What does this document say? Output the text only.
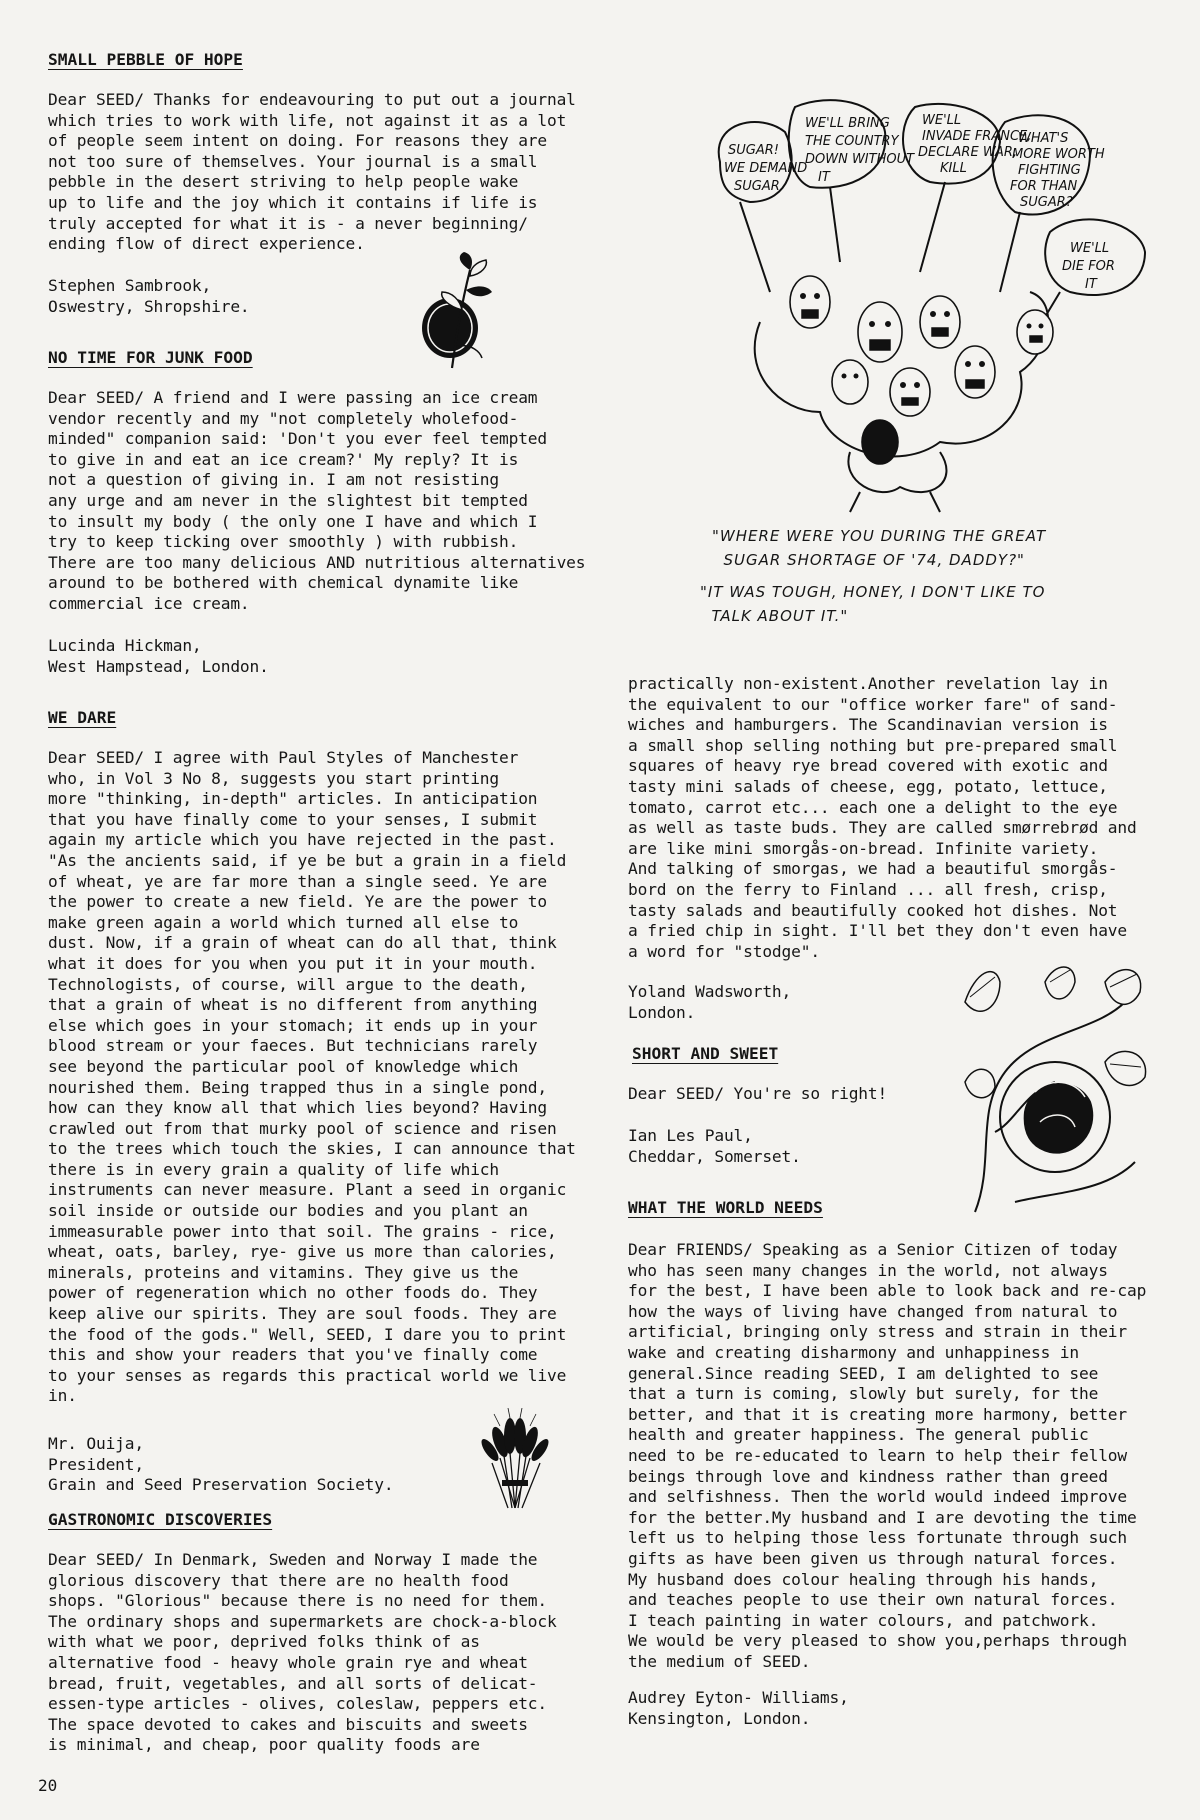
SMALL PEBBLE OF HOPE

Dear SEED/ Thanks for endeavouring to put out a journal
which tries to work with life, not against it as a lot
of people seem intent on doing. For reasons they are
not too sure of themselves. Your journal is a small
pebble in the desert striving to help people wake
up to life and the joy which it contains if life is
truly accepted for what it is - a never beginning/
ending flow of direct experience.

Stephen Sambrook,
Oswestry, Shropshire.

NO TIME FOR JUNK FOOD

Dear SEED/ A friend and I were passing an ice cream
vendor recently and my "not completely wholefood-
minded" companion said: 'Don't you ever feel tempted
to give in and eat an ice cream?' My reply? It is
not a question of giving in. I am not resisting
any urge and am never in the slightest bit tempted
to insult my body ( the only one I have and which I
try to keep ticking over smoothly ) with rubbish.
There are too many delicious AND nutritious alternatives
around to be bothered with chemical dynamite like
commercial ice cream.

Lucinda Hickman,
West Hampstead, London.

WE DARE

Dear SEED/ I agree with Paul Styles of Manchester
who, in Vol 3 No 8, suggests you start printing
more "thinking, in-depth" articles. In anticipation
that you have finally come to your senses, I submit
again my article which you have rejected in the past.
"As the ancients said, if ye be but a grain in a field
of wheat, ye are far more than a single seed. Ye are
the power to create a new field. Ye are the power to
make green again a world which turned all else to
dust. Now, if a grain of wheat can do all that, think
what it does for you when you put it in your mouth.
Technologists, of course, will argue to the death,
that a grain of wheat is no different from anything
else which goes in your stomach; it ends up in your
blood stream or your faeces. But technicians rarely
see beyond the particular pool of knowledge which
nourished them. Being trapped thus in a single pond,
how can they know all that which lies beyond? Having
crawled out from that murky pool of science and risen
to the trees which touch the skies, I can announce that
there is in every grain a quality of life which
instruments can never measure. Plant a seed in organic
soil inside or outside our bodies and you plant an
immeasurable power into that soil. The grains - rice,
wheat, oats, barley, rye- give us more than calories,
minerals, proteins and vitamins. They give us the
power of regeneration which no other foods do. They
keep alive our spirits. They are soul foods. They are
the food of the gods." Well, SEED, I dare you to print
this and show your readers that you've finally come
to your senses as regards this practical world we live
in.

Mr. Ouija,
President,
Grain and Seed Preservation Society.

GASTRONOMIC DISCOVERIES

Dear SEED/ In Denmark, Sweden and Norway I made the
glorious discovery that there are no health food
shops. "Glorious" because there is no need for them.
The ordinary shops and supermarkets are chock-a-block
with what we poor, deprived folks think of as
alternative food - heavy whole grain rye and wheat
bread, fruit, vegetables, and all sorts of delicat-
essen-type articles - olives, coleslaw, peppers etc.
The space devoted to cakes and biscuits and sweets
is minimal, and cheap, poor quality foods are

SUGAR!
WE DEMAND
SUGAR.
WE'LL BRING
THE COUNTRY
DOWN WITHOUT
IT
WE'LL
INVADE FRANCE,
DECLARE WAR,
KILL
WHAT'S
MORE WORTH
FIGHTING
FOR THAN
SUGAR?
WE'LL
DIE FOR
IT
"WHERE WERE YOU DURING THE GREAT
SUGAR SHORTAGE OF '74, DADDY?"
"IT WAS TOUGH, HONEY, I DON'T LIKE TO
TALK ABOUT IT."

practically non-existent.Another revelation lay in
the equivalent to our "office worker fare" of sand-
wiches and hamburgers. The Scandinavian version is
a small shop selling nothing but pre-prepared small
squares of heavy rye bread covered with exotic and
tasty mini salads of cheese, egg, potato, lettuce,
tomato, carrot etc... each one a delight to the eye
as well as taste buds. They are called smørrebrød and
are like mini smorgås-on-bread. Infinite variety.
And talking of smorgas, we had a beautiful smorgås-
bord on the ferry to Finland ... all fresh, crisp,
tasty salads and beautifully cooked hot dishes. Not
a fried chip in sight. I'll bet they don't even have
a word for "stodge".

Yoland Wadsworth,
London.

SHORT AND SWEET

Dear SEED/ You're so right!

Ian Les Paul,
Cheddar, Somerset.

WHAT THE WORLD NEEDS

Dear FRIENDS/ Speaking as a Senior Citizen of today
who has seen many changes in the world, not always
for the best, I have been able to look back and re-cap
how the ways of living have changed from natural to
artificial, bringing only stress and strain in their
wake and creating disharmony and unhappiness in
general.Since reading SEED, I am delighted to see
that a turn is coming, slowly but surely, for the
better, and that it is creating more harmony, better
health and greater happiness. The general public
need to be re-educated to learn to help their fellow
beings through love and kindness rather than greed
and selfishness. Then the world would indeed improve
for the better.My husband and I are devoting the time
left us to helping those less fortunate through such
gifts as have been given us through natural forces.
My husband does colour healing through his hands,
and teaches people to use their own natural forces.
I teach painting in water colours, and patchwork.
We would be very pleased to show you,perhaps through
the medium of SEED.

Audrey Eyton- Williams,
Kensington, London.

20
